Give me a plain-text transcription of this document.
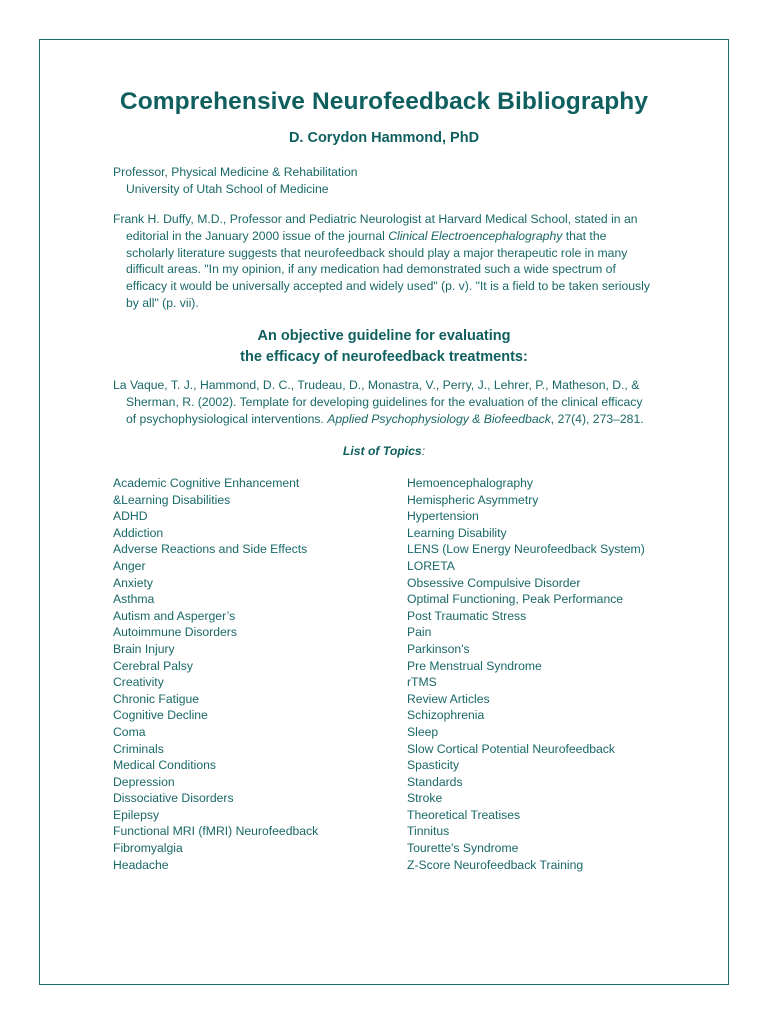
Comprehensive Neurofeedback Bibliography
D. Corydon Hammond, PhD
Professor, Physical Medicine & Rehabilitation
University of Utah School of Medicine
Frank H. Duffy, M.D., Professor and Pediatric Neurologist at Harvard Medical School, stated in an
editorial in the January 2000 issue of the journal Clinical Electroencephalography that the
scholarly literature suggests that neurofeedback should play a major therapeutic role in many
difficult areas. "In my opinion, if any medication had demonstrated such a wide spectrum of
efficacy it would be universally accepted and widely used" (p. v). "It is a field to be taken seriously
by all" (p. vii).
An objective guideline for evaluating
the efficacy of neurofeedback treatments:
La Vaque, T. J., Hammond, D. C., Trudeau, D., Monastra, V., Perry, J., Lehrer, P., Matheson, D., &
Sherman, R. (2002). Template for developing guidelines for the evaluation of the clinical efficacy
of psychophysiological interventions. Applied Psychophysiology & Biofeedback, 27(4), 273–281.
List of Topics:
Academic Cognitive Enhancement
&Learning Disabilities
ADHD
Addiction
Adverse Reactions and Side Effects
Anger
Anxiety
Asthma
Autism and Asperger’s
Autoimmune Disorders
Brain Injury
Cerebral Palsy
Creativity
Chronic Fatigue
Cognitive Decline
Coma
Criminals
Medical Conditions
Depression
Dissociative Disorders
Epilepsy
Functional MRI (fMRI) Neurofeedback
Fibromyalgia
Headache
Hemoencephalography
Hemispheric Asymmetry
Hypertension
Learning Disability
LENS (Low Energy Neurofeedback System)
LORETA
Obsessive Compulsive Disorder
Optimal Functioning, Peak Performance
Post Traumatic Stress
Pain
Parkinson's
Pre Menstrual Syndrome
rTMS
Review Articles
Schizophrenia
Sleep
Slow Cortical Potential Neurofeedback
Spasticity
Standards
Stroke
Theoretical Treatises
Tinnitus
Tourette's Syndrome
Z-Score Neurofeedback Training
